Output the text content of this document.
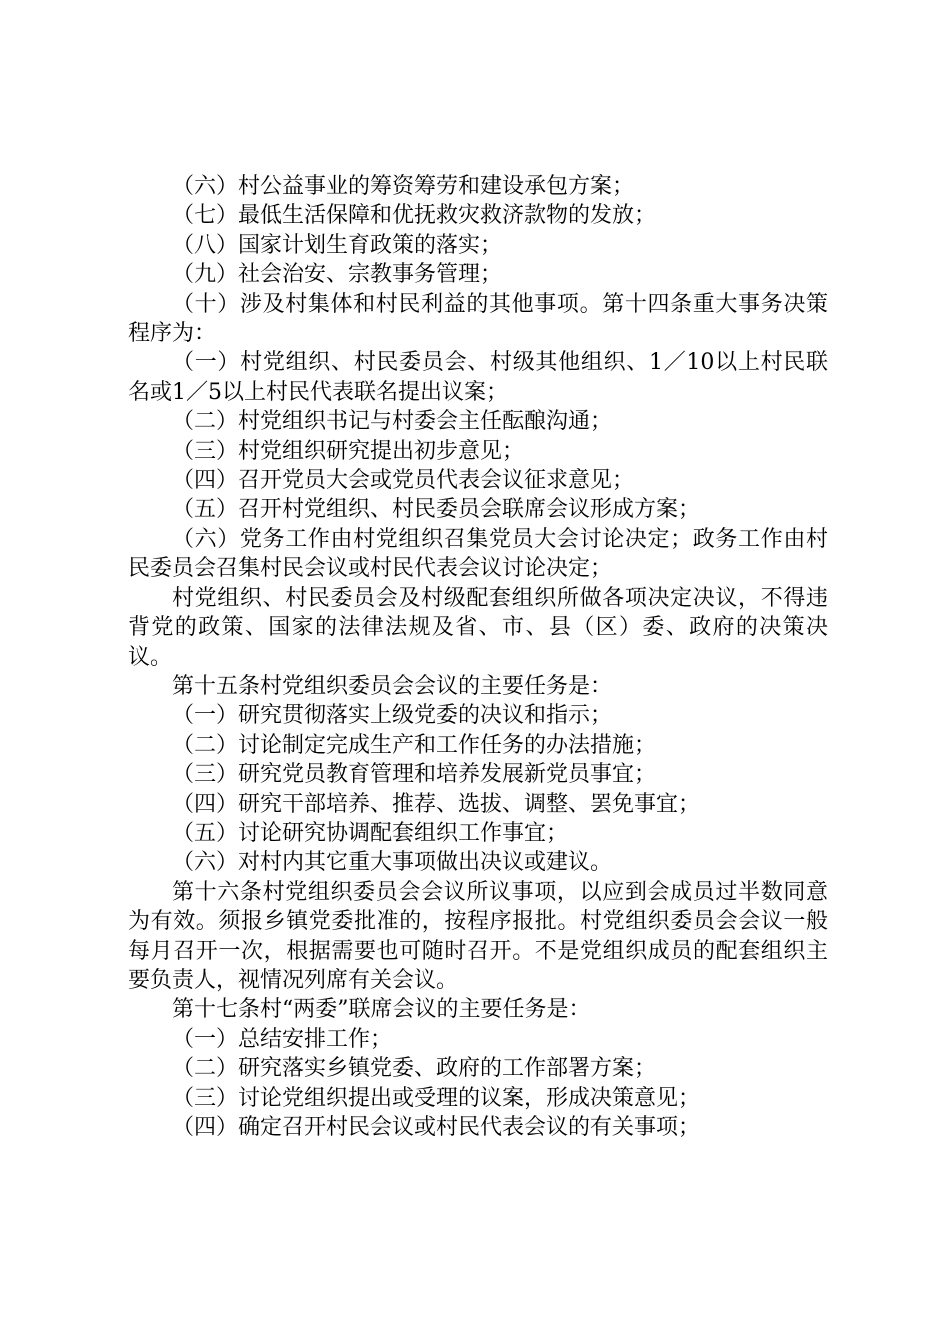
（六）村公益事业的筹资筹劳和建设承包方案；

（七）最低生活保障和优抚救灾救济款物的发放；

（八）国家计划生育政策的落实；

（九）社会治安、宗教事务管理；

（十）涉及村集体和村民利益的其他事项。第十四条重大事务决策程序为：

（一）村党组织、村民委员会、村级其他组织、1／10以上村民联名或1／5以上村民代表联名提出议案；

（二）村党组织书记与村委会主任酝酿沟通；

（三）村党组织研究提出初步意见；

（四）召开党员大会或党员代表会议征求意见；

（五）召开村党组织、村民委员会联席会议形成方案；

（六）党务工作由村党组织召集党员大会讨论决定；政务工作由村民委员会召集村民会议或村民代表会议讨论决定；

村党组织、村民委员会及村级配套组织所做各项决定决议，不得违背党的政策、国家的法律法规及省、市、县（区）委、政府的决策决议。

第十五条村党组织委员会会议的主要任务是：

（一）研究贯彻落实上级党委的决议和指示；

（二）讨论制定完成生产和工作任务的办法措施；

（三）研究党员教育管理和培养发展新党员事宜；

（四）研究干部培养、推荐、选拔、调整、罢免事宜；

（五）讨论研究协调配套组织工作事宜；

（六）对村内其它重大事项做出决议或建议。

第十六条村党组织委员会会议所议事项，以应到会成员过半数同意为有效。须报乡镇党委批准的，按程序报批。村党组织委员会会议一般每月召开一次，根据需要也可随时召开。不是党组织成员的配套组织主要负责人，视情况列席有关会议。

第十七条村“两委”联席会议的主要任务是：

（一）总结安排工作；

（二）研究落实乡镇党委、政府的工作部署方案；

（三）讨论党组织提出或受理的议案，形成决策意见；

（四）确定召开村民会议或村民代表会议的有关事项；
